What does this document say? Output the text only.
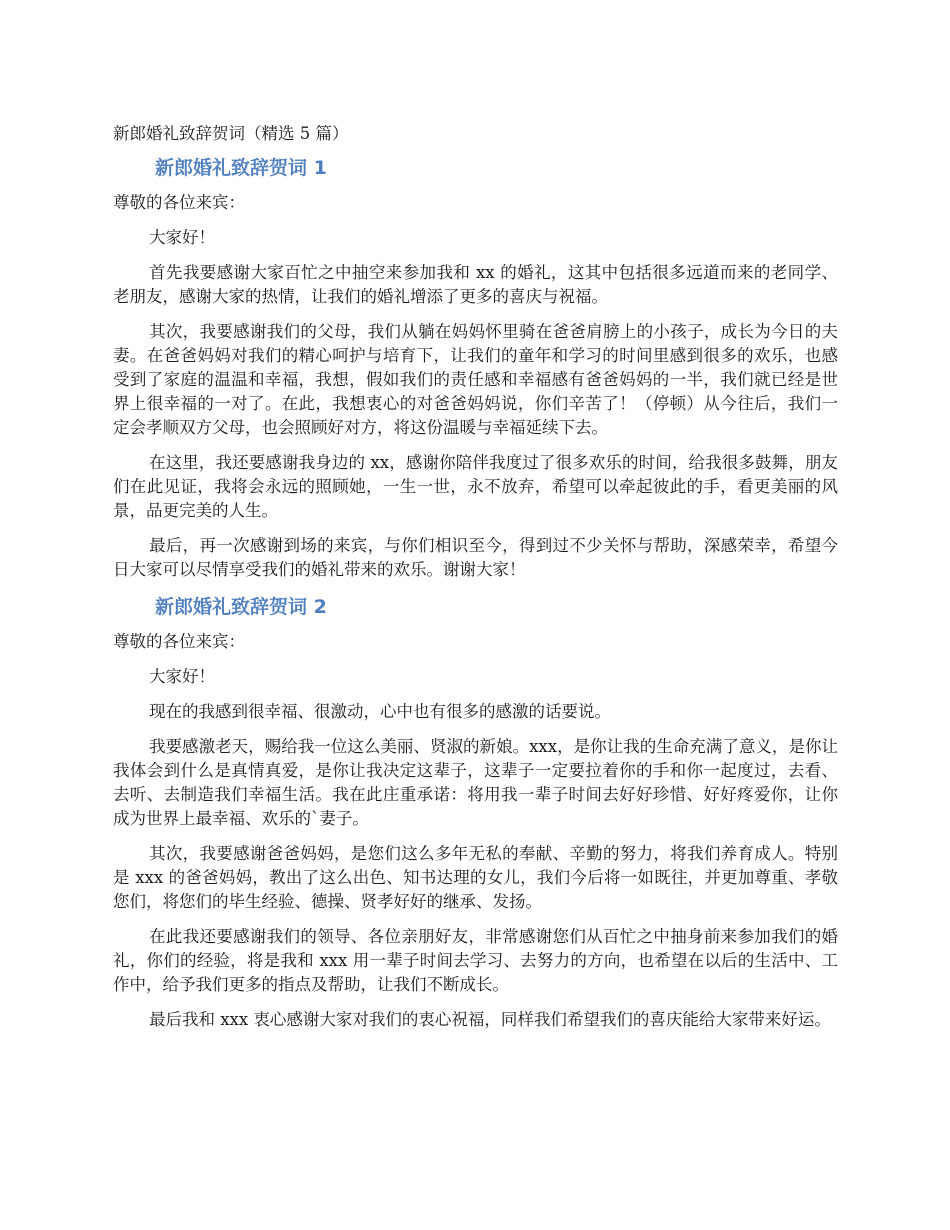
新郎婚礼致辞贺词（精选 5 篇）
新郎婚礼致辞贺词 1
尊敬的各位来宾：

大家好！

首先我要感谢大家百忙之中抽空来参加我和 xx 的婚礼，这其中包括很多远道而来的老同学、老朋友，感谢大家的热情，让我们的婚礼增添了更多的喜庆与祝福。

其次，我要感谢我们的父母，我们从躺在妈妈怀里骑在爸爸肩膀上的小孩子，成长为今日的夫妻。在爸爸妈妈对我们的精心呵护与培育下，让我们的童年和学习的时间里感到很多的欢乐，也感受到了家庭的温温和幸福，我想，假如我们的责任感和幸福感有爸爸妈妈的一半，我们就已经是世界上很幸福的一对了。在此，我想衷心的对爸爸妈妈说，你们辛苦了！（停顿）从今往后，我们一定会孝顺双方父母，也会照顾好对方，将这份温暖与幸福延续下去。

在这里，我还要感谢我身边的 xx，感谢你陪伴我度过了很多欢乐的时间，给我很多鼓舞，朋友们在此见证，我将会永远的照顾她，一生一世，永不放弃，希望可以牵起彼此的手，看更美丽的风景，品更完美的人生。

最后，再一次感谢到场的来宾，与你们相识至今，得到过不少关怀与帮助，深感荣幸，希望今日大家可以尽情享受我们的婚礼带来的欢乐。谢谢大家！

新郎婚礼致辞贺词 2
尊敬的各位来宾：

大家好！

现在的我感到很幸福、很激动，心中也有很多的感激的话要说。

我要感激老天，赐给我一位这么美丽、贤淑的新娘。xxx，是你让我的生命充满了意义，是你让我体会到什么是真情真爱，是你让我决定这辈子，这辈子一定要拉着你的手和你一起度过，去看、去听、去制造我们幸福生活。我在此庄重承诺：将用我一辈子时间去好好珍惜、好好疼爱你，让你成为世界上最幸福、欢乐的`妻子。

其次，我要感谢爸爸妈妈，是您们这么多年无私的奉献、辛勤的努力，将我们养育成人。特别是 xxx 的爸爸妈妈，教出了这么出色、知书达理的女儿，我们今后将一如既往，并更加尊重、孝敬您们，将您们的毕生经验、德操、贤孝好好的继承、发扬。

在此我还要感谢我们的领导、各位亲朋好友，非常感谢您们从百忙之中抽身前来参加我们的婚礼，你们的经验，将是我和 xxx 用一辈子时间去学习、去努力的方向，也希望在以后的生活中、工作中，给予我们更多的指点及帮助，让我们不断成长。

最后我和 xxx 衷心感谢大家对我们的衷心祝福，同样我们希望我们的喜庆能给大家带来好运。
